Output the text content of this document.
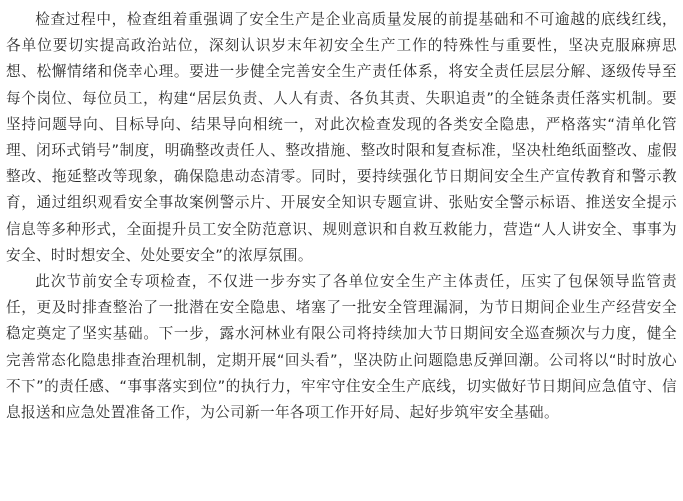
检查过程中，检查组着重强调了安全生产是企业高质量发展的前提基础和不可逾越的底线红线，各单位要切实提高政治站位，深刻认识岁末年初安全生产工作的特殊性与重要性，坚决克服麻痹思想、松懈情绪和侥幸心理。要进一步健全完善安全生产责任体系，将安全责任层层分解、逐级传导至每个岗位、每位员工，构建“居层负责、人人有责、各负其责、失职追责”的全链条责任落实机制。要坚持问题导向、目标导向、结果导向相统一，对此次检查发现的各类安全隐患，严格落实“清单化管理、闭环式销号”制度，明确整改责任人、整改措施、整改时限和复查标准，坚决杜绝纸面整改、虚假整改、拖延整改等现象，确保隐患动态清零。同时，要持续强化节日期间安全生产宣传教育和警示教育，通过组织观看安全事故案例警示片、开展安全知识专题宣讲、张贴安全警示标语、推送安全提示信息等多种形式，全面提升员工安全防范意识、规则意识和自救互救能力，营造“人人讲安全、事事为安全、时时想安全、处处要安全”的浓厚氛围。

此次节前安全专项检查，不仅进一步夯实了各单位安全生产主体责任，压实了包保领导监管责任，更及时排查整治了一批潜在安全隐患、堵塞了一批安全管理漏洞，为节日期间企业生产经营安全稳定奠定了坚实基础。下一步，露水河林业有限公司将持续加大节日期间安全巡查频次与力度，健全完善常态化隐患排查治理机制，定期开展“回头看”，坚决防止问题隐患反弹回潮。公司将以“时时放心不下”的责任感、“事事落实到位”的执行力，牢牢守住安全生产底线，切实做好节日期间应急值守、信息报送和应急处置准备工作，为公司新一年各项工作开好局、起好步筑牢安全基础。
